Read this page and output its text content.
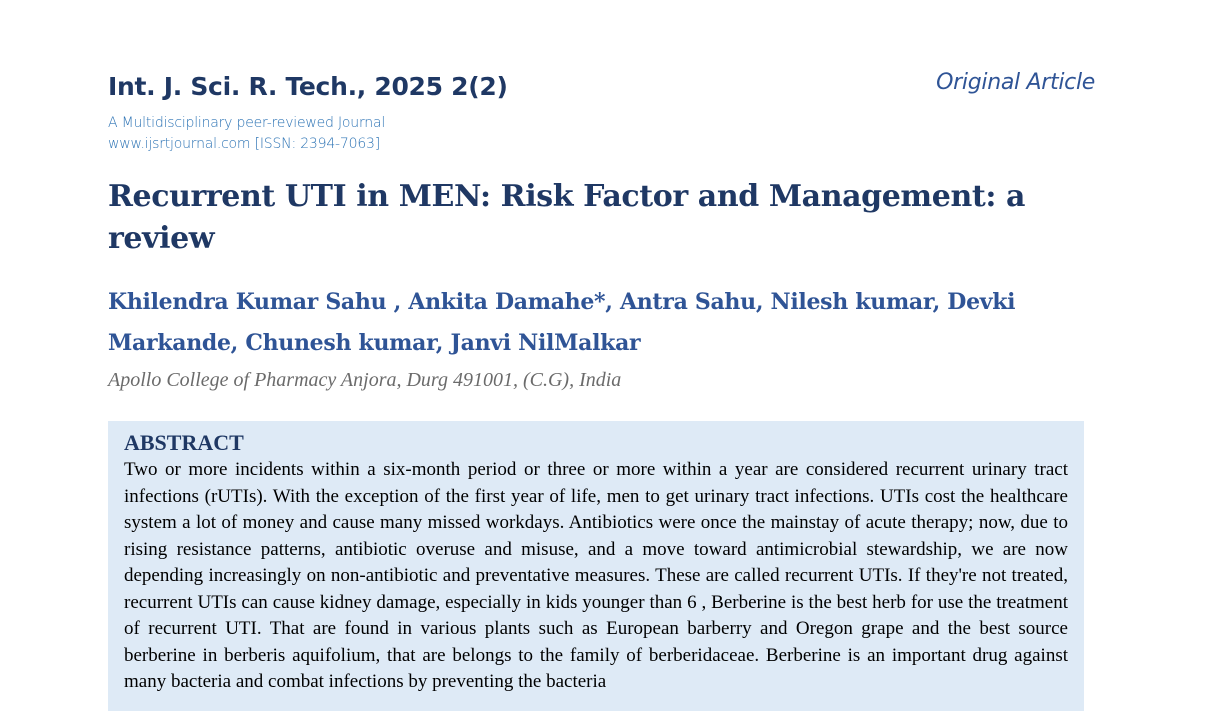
Int. J. Sci. R. Tech., 2025 2(2)	Original Article
A Multidisciplinary peer-reviewed Journal
www.ijsrtjournal.com [ISSN: 2394-7063]
Recurrent UTI in MEN: Risk Factor and Management: a review
Khilendra Kumar Sahu , Ankita Damahe*, Antra Sahu, Nilesh kumar, Devki Markande, Chunesh kumar, Janvi NilMalkar
Apollo College of Pharmacy Anjora, Durg 491001, (C.G), India
ABSTRACT

Two or more incidents within a six-month period or three or more within a year are considered recurrent urinary tract infections (rUTIs). With the exception of the first year of life, men to get urinary tract infections. UTIs cost the healthcare system a lot of money and cause many missed workdays. Antibiotics were once the mainstay of acute therapy; now, due to rising resistance patterns, antibiotic overuse and misuse, and a move toward antimicrobial stewardship, we are now depending increasingly on non-antibiotic and preventative measures. These are called recurrent UTIs. If they're not treated, recurrent UTIs can cause kidney damage, especially in kids younger than 6 , Berberine is the best herb for use the treatment of recurrent UTI. That are found in various plants such as European barberry and Oregon grape and the best source berberine in berberis aquifolium, that are belongs to the family of berberidaceae. Berberine is an important drug against many bacteria and combat infections by preventing the bacteria
